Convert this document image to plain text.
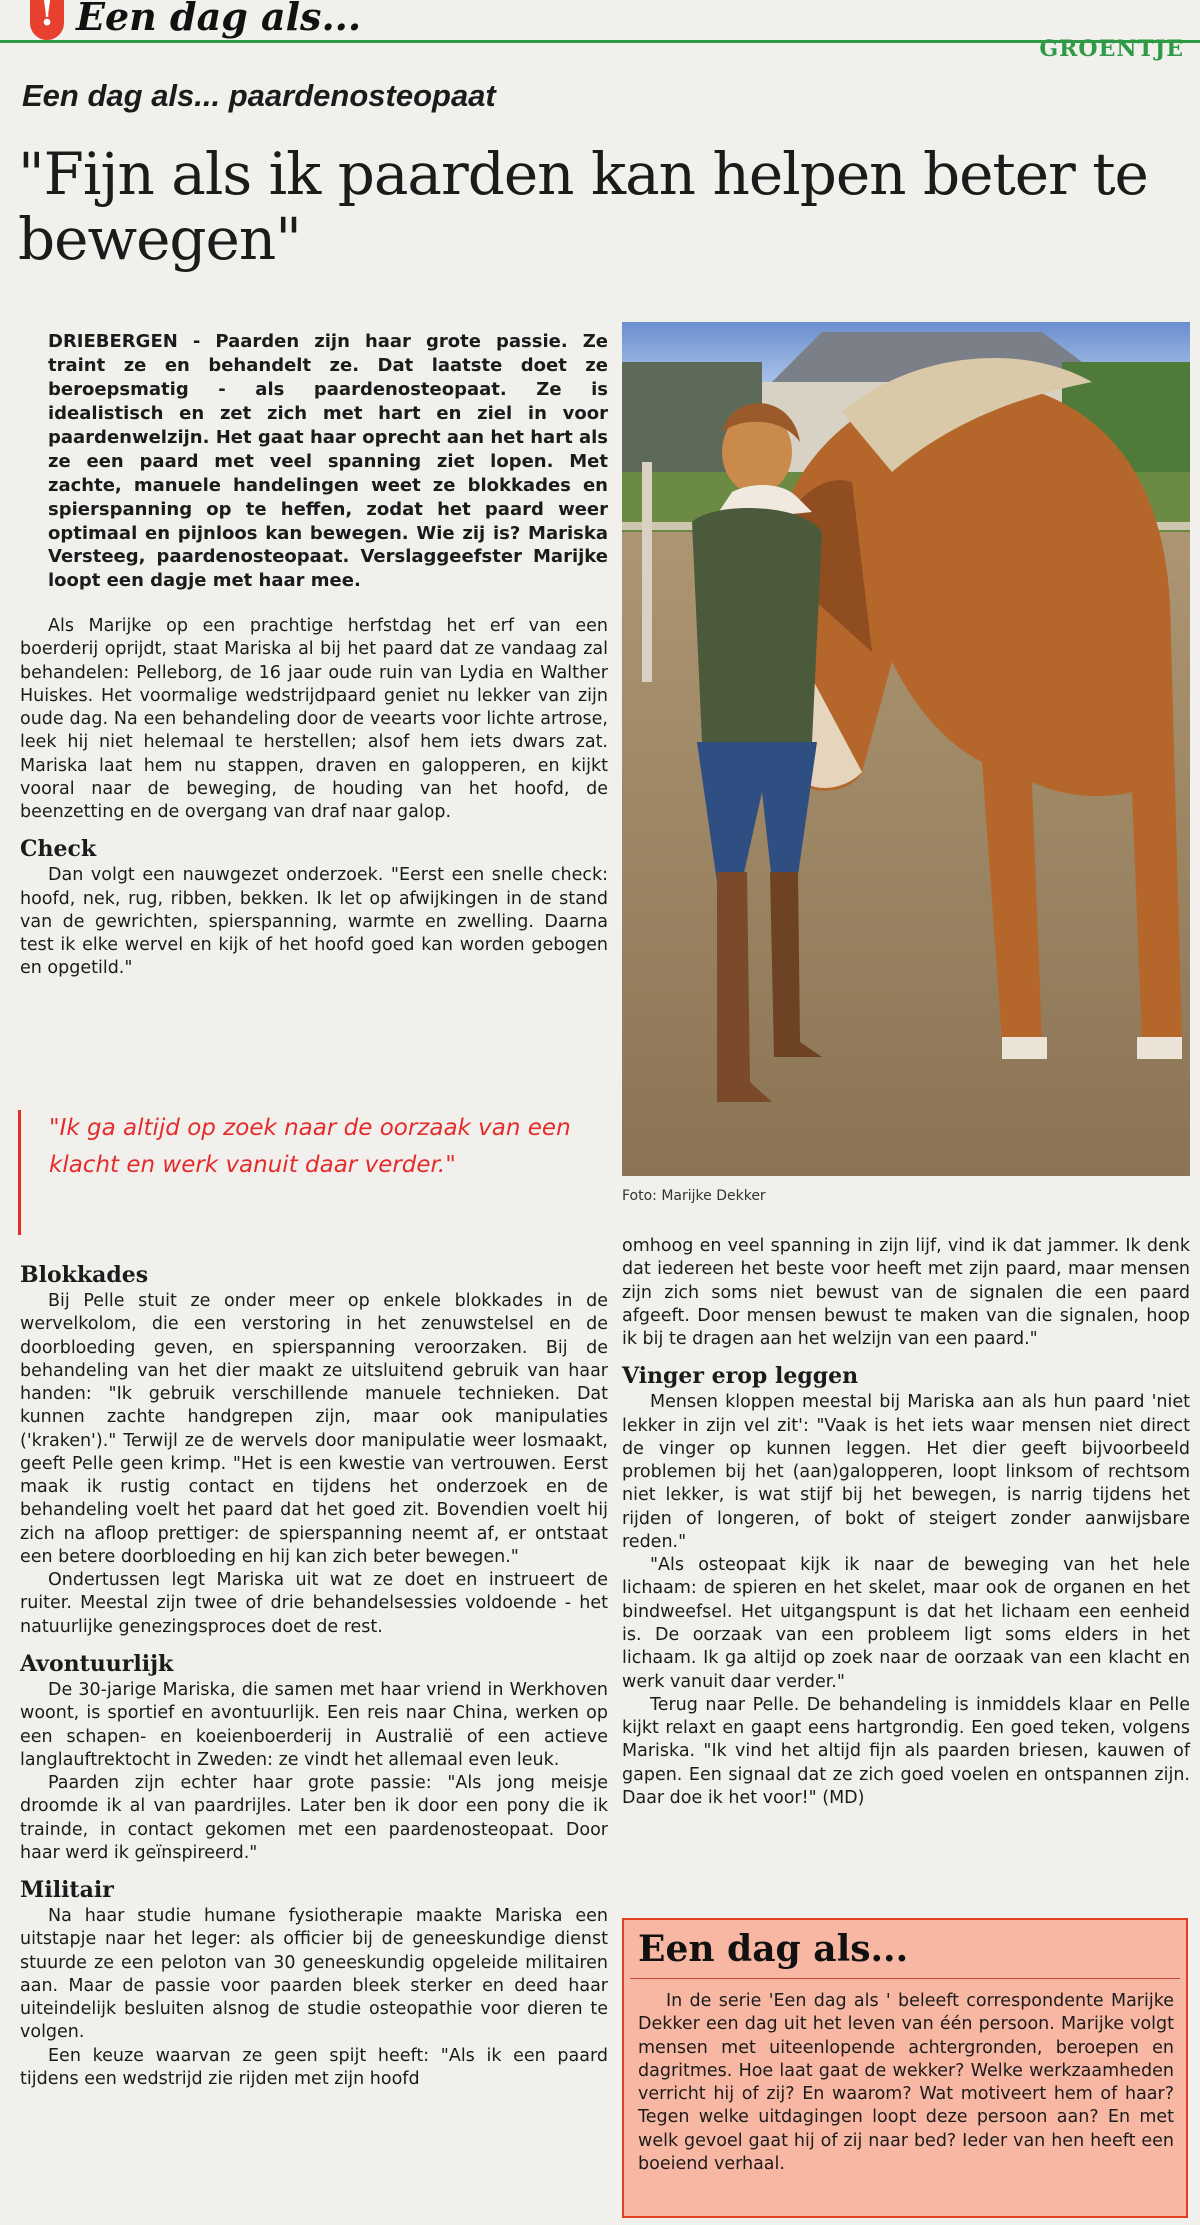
! Een dag als...
GROENTJE
Een dag als... paardenosteopaat
"Fijn als ik paarden kan helpen beter te bewegen"
DRIEBERGEN - Paarden zijn haar grote passie. Ze traint ze en behandelt ze. Dat laatste doet ze beroepsmatig - als paardenosteopaat. Ze is idealistisch en zet zich met hart en ziel in voor paardenwelzijn. Het gaat haar oprecht aan het hart als ze een paard met veel spanning ziet lopen. Met zachte, manuele handelingen weet ze blokkades en spierspanning op te heffen, zodat het paard weer optimaal en pijnloos kan bewegen. Wie zij is? Mariska Versteeg, paardenosteopaat. Verslaggeefster Marijke loopt een dagje met haar mee.

Als Marijke op een prachtige herfstdag het erf van een boerderij oprijdt, staat Mariska al bij het paard dat ze vandaag zal behandelen: Pelleborg, de 16 jaar oude ruin van Lydia en Walther Huiskes. Het voormalige wedstrijdpaard geniet nu lekker van zijn oude dag. Na een behandeling door de veearts voor lichte artrose, leek hij niet helemaal te herstellen; alsof hem iets dwars zat. Mariska laat hem nu stappen, draven en galopperen, en kijkt vooral naar de beweging, de houding van het hoofd, de beenzetting en de overgang van draf naar galop.

Check

Dan volgt een nauwgezet onderzoek. "Eerst een snelle check: hoofd, nek, rug, ribben, bekken. Ik let op afwijkingen in de stand van de gewrichten, spierspanning, warmte en zwelling. Daarna test ik elke wervel en kijk of het hoofd goed kan worden gebogen en opgetild."

"Ik ga altijd op zoek naar de oorzaak van een klacht en werk vanuit daar verder."
Blokkades

Bij Pelle stuit ze onder meer op enkele blokkades in de wervelkolom, die een verstoring in het zenuwstelsel en de doorbloeding geven, en spierspanning veroorzaken. Bij de behandeling van het dier maakt ze uitsluitend gebruik van haar handen: "Ik gebruik verschillende manuele technieken. Dat kunnen zachte handgrepen zijn, maar ook manipulaties ('kraken')." Terwijl ze de wervels door manipulatie weer losmaakt, geeft Pelle geen krimp. "Het is een kwestie van vertrouwen. Eerst maak ik rustig contact en tijdens het onderzoek en de behandeling voelt het paard dat het goed zit. Bovendien voelt hij zich na afloop prettiger: de spierspanning neemt af, er ontstaat een betere doorbloeding en hij kan zich beter bewegen."

Ondertussen legt Mariska uit wat ze doet en instrueert de ruiter. Meestal zijn twee of drie behandelsessies voldoende - het natuurlijke genezingsproces doet de rest.

Avontuurlijk

De 30-jarige Mariska, die samen met haar vriend in Werkhoven woont, is sportief en avontuurlijk. Een reis naar China, werken op een schapen- en koeienboerderij in Australië of een actieve langlauftrektocht in Zweden: ze vindt het allemaal even leuk.

Paarden zijn echter haar grote passie: "Als jong meisje droomde ik al van paardrijles. Later ben ik door een pony die ik trainde, in contact gekomen met een paardenosteopaat. Door haar werd ik geïnspireerd."

Militair

Na haar studie humane fysiotherapie maakte Mariska een uitstapje naar het leger: als officier bij de geneeskundige dienst stuurde ze een peloton van 30 geneeskundig opgeleide militairen aan. Maar de passie voor paarden bleek sterker en deed haar uiteindelijk besluiten alsnog de studie osteopathie voor dieren te volgen.

Een keuze waarvan ze geen spijt heeft: "Als ik een paard tijdens een wedstrijd zie rijden met zijn hoofd

Foto: Marijke Dekker

omhoog en veel spanning in zijn lijf, vind ik dat jammer. Ik denk dat iedereen het beste voor heeft met zijn paard, maar mensen zijn zich soms niet bewust van de signalen die een paard afgeeft. Door mensen bewust te maken van die signalen, hoop ik bij te dragen aan het welzijn van een paard."

Vinger erop leggen

Mensen kloppen meestal bij Mariska aan als hun paard 'niet lekker in zijn vel zit': "Vaak is het iets waar mensen niet direct de vinger op kunnen leggen. Het dier geeft bijvoorbeeld problemen bij het (aan)galopperen, loopt linksom of rechtsom niet lekker, is wat stijf bij het bewegen, is narrig tijdens het rijden of longeren, of bokt of steigert zonder aanwijsbare reden."

"Als osteopaat kijk ik naar de beweging van het hele lichaam: de spieren en het skelet, maar ook de organen en het bindweefsel. Het uitgangspunt is dat het lichaam een eenheid is. De oorzaak van een probleem ligt soms elders in het lichaam. Ik ga altijd op zoek naar de oorzaak van een klacht en werk vanuit daar verder."

Terug naar Pelle. De behandeling is inmiddels klaar en Pelle kijkt relaxt en gaapt eens hartgrondig. Een goed teken, volgens Mariska. "Ik vind het altijd fijn als paarden briesen, kauwen of gapen. Een signaal dat ze zich goed voelen en ontspannen zijn. Daar doe ik het voor!" (MD)

Een dag als...
In de serie 'Een dag als ' beleeft correspondente Marijke Dekker een dag uit het leven van één persoon. Marijke volgt mensen met uiteenlopende achtergronden, beroepen en dagritmes. Hoe laat gaat de wekker? Welke werkzaamheden verricht hij of zij? En waarom? Wat motiveert hem of haar? Tegen welke uitdagingen loopt deze persoon aan? En met welk gevoel gaat hij of zij naar bed? Ieder van hen heeft een boeiend verhaal.
